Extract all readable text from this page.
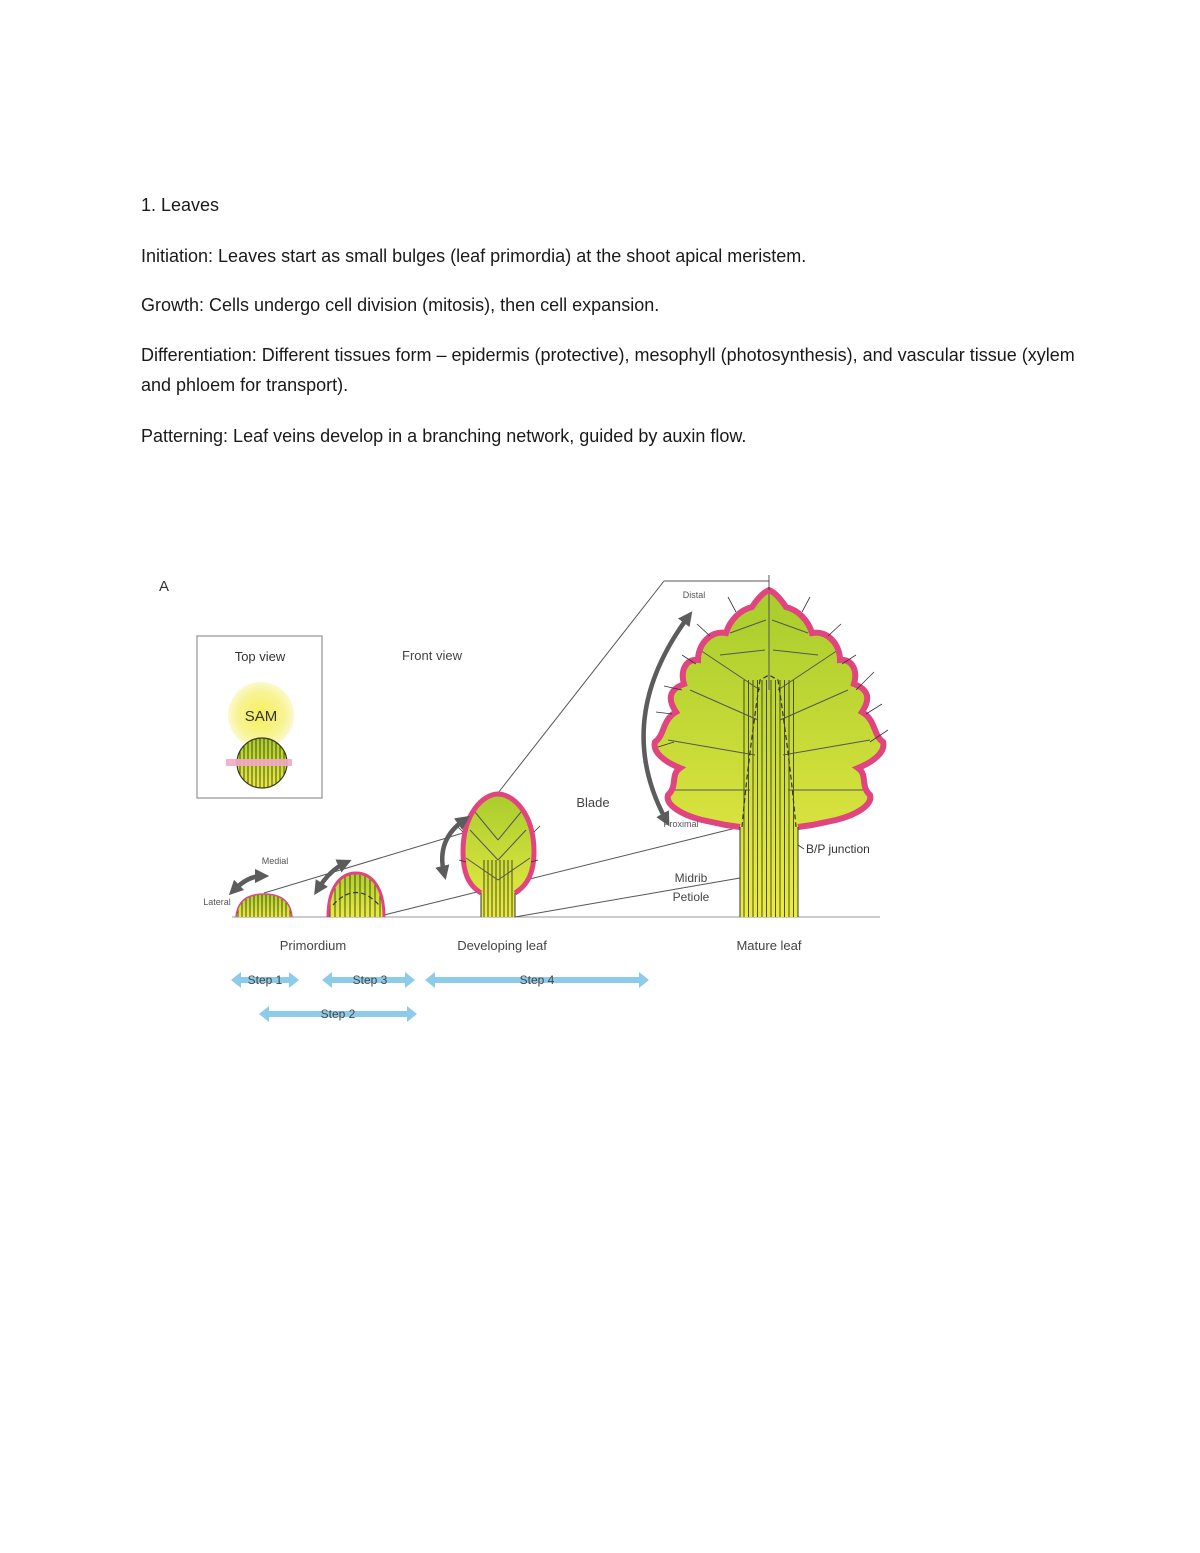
1. Leaves

Initiation: Leaves start as small bulges (leaf primordia) at the shoot apical meristem.

Growth: Cells undergo cell division (mitosis), then cell expansion.

Differentiation: Different tissues form – epidermis (protective), mesophyll (photosynthesis), and vascular tissue (xylem and phloem for transport).

Patterning: Leaf veins develop in a branching network, guided by auxin flow.

A
Top view
SAM
Front view
Medial
Lateral
Distal
Proximal
Blade
B/P junction
Midrib
Petiole
Primordium	Developing leaf	Mature leaf
Step 1	Step 3	Step 4
Step 2
